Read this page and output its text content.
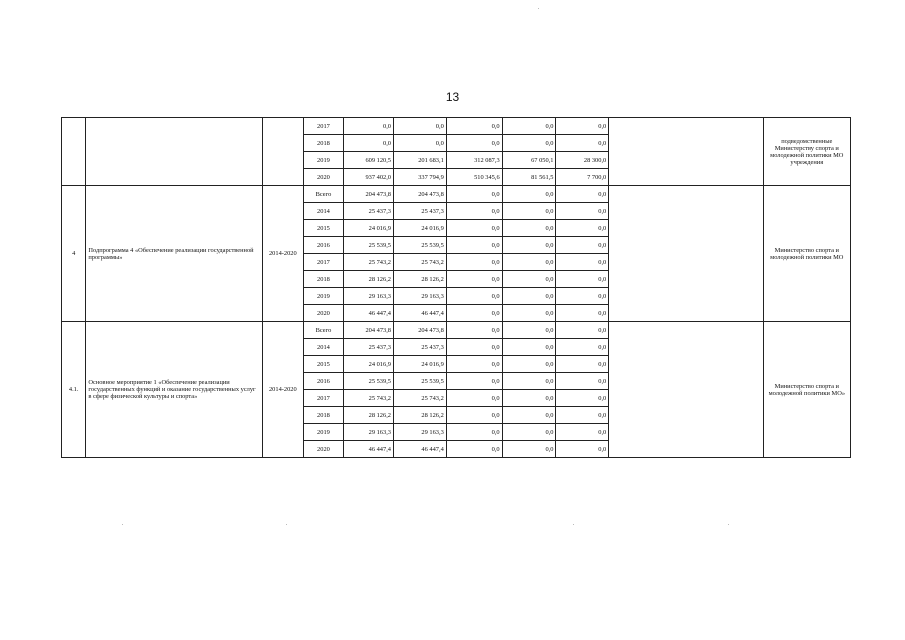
13
			2017	0,0	0,0	0,0	0,0	0,0		подведомственные Министерству спорта и молодежной политики МО учреждения
			2018	0,0	0,0	0,0	0,0	0,0		
			2019	609 120,5	201 683,1	312 087,3	67 050,1	28 300,0		
			2020	937 402,0	337 794,9	510 345,6	81 561,5	7 700,0		
4	Подпрограмма 4 «Обеспечение реализации государственной программы»	2014-2020	Всего	204 473,8	204 473,8	0,0	0,0	0,0		Министерство спорта и молодежной политики МО
			2014	25 437,3	25 437,3	0,0	0,0	0,0		
			2015	24 016,9	24 016,9	0,0	0,0	0,0		
			2016	25 539,5	25 539,5	0,0	0,0	0,0		
			2017	25 743,2	25 743,2	0,0	0,0	0,0		
			2018	28 126,2	28 126,2	0,0	0,0	0,0		
			2019	29 163,3	29 163,3	0,0	0,0	0,0		
			2020	46 447,4	46 447,4	0,0	0,0	0,0		
4.1.	Основное мероприятие 1 «Обеспечение реализации государственных функций и оказание государственных услуг в сфере физической культуры и спорта»	2014-2020	Всего	204 473,8	204 473,8	0,0	0,0	0,0		Министерство спорта и молодежной политики МО»
			2014	25 437,3	25 437,3	0,0	0,0	0,0		
			2015	24 016,9	24 016,9	0,0	0,0	0,0		
			2016	25 539,5	25 539,5	0,0	0,0	0,0		
			2017	25 743,2	25 743,2	0,0	0,0	0,0		
			2018	28 126,2	28 126,2	0,0	0,0	0,0		
			2019	29 163,3	29 163,3	0,0	0,0	0,0		
			2020	46 447,4	46 447,4	0,0	0,0	0,0		
